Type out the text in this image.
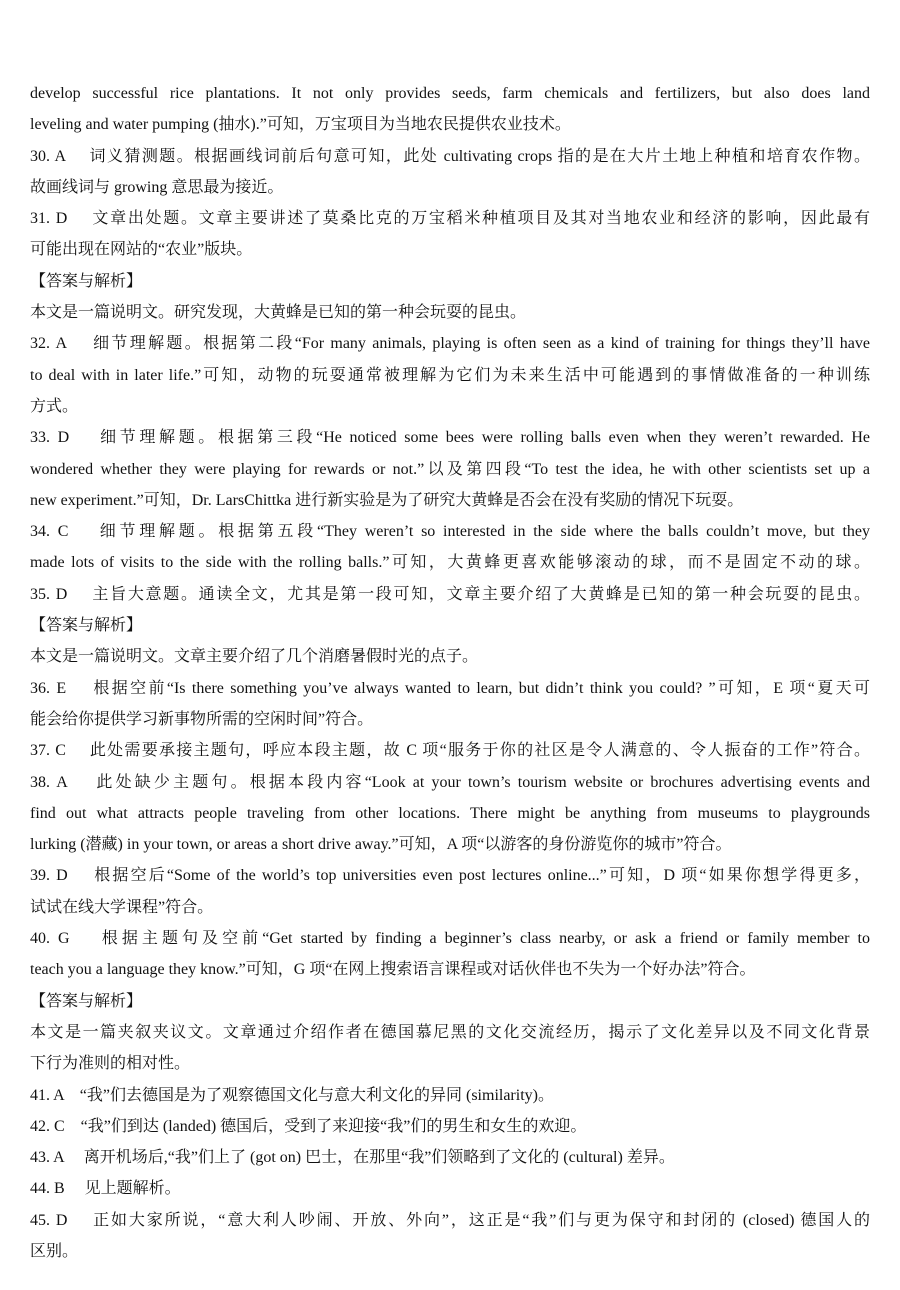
develop successful rice plantations. It not only provides seeds, farm chemicals and fertilizers, but also does land
leveling and water pumping (抽水).”可知，万宝项目为当地农民提供农业技术。
30. A　 词义猜测题。根据画线词前后句意可知，此处 cultivating crops 指的是在大片土地上种植和培育农作物。
故画线词与 growing 意思最为接近。
31. D　 文章出处题。文章主要讲述了莫桑比克的万宝稻米种植项目及其对当地农业和经济的影响，因此最有
可能出现在网站的“农业”版块。
【答案与解析】
本文是一篇说明文。研究发现，大黄蜂是已知的第一种会玩耍的昆虫。
32. A　 细节理解题。根据第二段“For many animals, playing is often seen as a kind of training for things they’ll have
to deal with in later life.”可知，动物的玩耍通常被理解为它们为未来生活中可能遇到的事情做准备的一种训练
方式。
33. D　 细节理解题。根据第三段“He noticed some bees were rolling balls even when they weren’t rewarded. He
wondered whether they were playing for rewards or not.”以及第四段“To test the idea, he with other scientists set up a
new experiment.”可知，Dr. LarsChittka 进行新实验是为了研究大黄蜂是否会在没有奖励的情况下玩耍。
34. C　 细节理解题。根据第五段“They weren’t so interested in the side where the balls couldn’t move, but they
made lots of visits to the side with the rolling balls.”可知，大黄蜂更喜欢能够滚动的球，而不是固定不动的球。
35. D　 主旨大意题。通读全文，尤其是第一段可知，文章主要介绍了大黄蜂是已知的第一种会玩耍的昆虫。
【答案与解析】
本文是一篇说明文。文章主要介绍了几个消磨暑假时光的点子。
36. E　 根据空前“Is there something you’ve always wanted to learn, but didn’t think you could? ”可知，E 项“夏天可
能会给你提供学习新事物所需的空闲时间”符合。
37. C　 此处需要承接主题句，呼应本段主题，故 C 项“服务于你的社区是令人满意的、令人振奋的工作”符合。
38. A　 此处缺少主题句。根据本段内容“Look at your town’s tourism website or brochures advertising events and
find out what attracts people traveling from other locations. There might be anything from museums to playgrounds
lurking (潜藏) in your town, or areas a short drive away.”可知，A 项“以游客的身份游览你的城市”符合。
39. D　 根据空后“Some of the world’s top universities even post lectures online...”可知，D 项“如果你想学得更多，
试试在线大学课程”符合。
40. G　 根据主题句及空前“Get started by finding a beginner’s class nearby, or ask a friend or family member to
teach you a language they know.”可知，G 项“在网上搜索语言课程或对话伙伴也不失为一个好办法”符合。
【答案与解析】
本文是一篇夹叙夹议文。文章通过介绍作者在德国慕尼黑的文化交流经历，揭示了文化差异以及不同文化背景
下行为准则的相对性。
41. A　“我”们去德国是为了观察德国文化与意大利文化的异同 (similarity)。
42. C　“我”们到达 (landed) 德国后，受到了来迎接“我”们的男生和女生的欢迎。
43. A　 离开机场后,“我”们上了 (got on) 巴士，在那里“我”们领略到了文化的 (cultural) 差异。
44. B　 见上题解析。
45. D　 正如大家所说，“意大利人吵闹、开放、外向”，这正是“我”们与更为保守和封闭的 (closed) 德国人的
区别。
